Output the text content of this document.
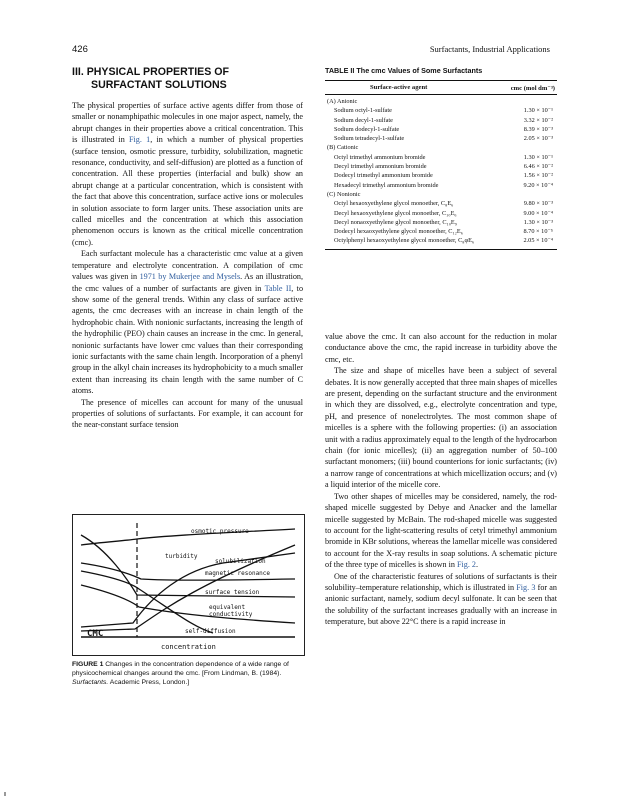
426	Surfactants, Industrial Applications
III. PHYSICAL PROPERTIES OF
SURFACTANT SOLUTIONS

The physical properties of surface active agents differ from those of smaller or nonamphipathic molecules in one major aspect, namely, the abrupt changes in their properties above a critical concentration. This is illustrated in Fig. 1, in which a number of physical properties (surface tension, osmotic pressure, turbidity, solubilization, magnetic resonance, conductivity, and self-diffusion) are plotted as a function of concentration. All these properties (interfacial and bulk) show an abrupt change at a particular concentration, which is consistent with the fact that above this concentration, surface active ions or molecules in solution associate to form larger units. These association units are called micelles and the concentration at which this association phenomenon occurs is known as the critical micelle concentration (cmc).

Each surfactant molecule has a characteristic cmc value at a given temperature and electrolyte concentration. A compilation of cmc values was given in 1971 by Mukerjee and Mysels. As an illustration, the cmc values of a number of surfactants are given in Table II, to show some of the general trends. Within any class of surface active agents, the cmc decreases with an increase in chain length of the hydrophobic chain. With nonionic surfactants, increasing the length of the hydrophilic (PEO) chain causes an increase in the cmc. In general, nonionic surfactants have lower cmc values than their corresponding ionic surfactants with the same chain length. Incorporation of a phenyl group in the alkyl chain increases its hydrophobicity to a much smaller extent than increasing its chain length with the same number of C atoms.

The presence of micelles can account for many of the unusual properties of solutions of surfactants. For example, it can account for the near-constant surface tension

TABLE II The cmc Values of Some Surfactants
Surface-active agent	cmc (mol dm⁻³)
(A) Anionic
Sodium octyl-1-sulfate	1.30 × 10⁻¹
Sodium decyl-1-sulfate	3.32 × 10⁻²
Sodium dodecyl-1-sulfate	8.39 × 10⁻³
Sodium tetradecyl-1-sulfate	2.05 × 10⁻³
(B) Cationic
Octyl trimethyl ammonium bromide	1.30 × 10⁻¹
Decyl trimethyl ammonium bromide	6.46 × 10⁻²
Dodecyl trimethyl ammonium bromide	1.56 × 10⁻²
Hexadecyl trimethyl ammonium bromide	9.20 × 10⁻⁴
(C) Nonionic
Octyl hexaoxyethylene glycol monoether, C₈E₆	9.80 × 10⁻³
Decyl hexaoxyethylene glycol monoether, C₁₀E₆	9.00 × 10⁻⁴
Decyl nonaoxyethylene glycol monoether, C₁₀E₉	1.30 × 10⁻³
Dodecyl hexaoxyethylene glycol monoether, C₁₂E₆	8.70 × 10⁻⁵
Octylphenyl hexaoxyethylene glycol monoether, C₈φE₆	2.05 × 10⁻⁴

value above the cmc. It can also account for the reduction in molar conductance above the cmc, the rapid increase in turbidity above the cmc, etc.

The size and shape of micelles have been a subject of several debates. It is now generally accepted that three main shapes of micelles are present, depending on the surfactant structure and the environment in which they are dissolved, e.g., electrolyte concentration and type, pH, and presence of nonelectrolytes. The most common shape of micelles is a sphere with the following properties: (i) an association unit with a radius approximately equal to the length of the hydrocarbon chain (for ionic micelles); (ii) an aggregation number of 50–100 surfactant monomers; (iii) bound counterions for ionic surfactants; (iv) a narrow range of concentrations at which micellization occurs; and (v) a liquid interior of the micelle core.

Two other shapes of micelles may be considered, namely, the rod-shaped micelle suggested by Debye and Anacker and the lamellar micelle suggested by McBain. The rod-shaped micelle was suggested to account for the light-scattering results of cetyl trimethyl ammonium bromide in KBr solutions, whereas the lamellar micelle was considered to account for the X-ray results in soap solutions. A schematic picture of the three type of micelles is shown in Fig. 2.

One of the characteristic features of solutions of surfactants is their solubility–temperature relationship, which is illustrated in Fig. 3 for an anionic surfactant, namely, sodium decyl sulfonate. It can be seen that the solubility of the surfactant increases gradually with an increase in temperature, but above 22°C there is a rapid increase in

osmotic pressure
turbidity
solubilization
magnetic resonance
surface tension
equivalent
conductivity
self-diffusion
CMC
concentration
FIGURE 1 Changes in the concentration dependence of a wide range of physicochemical changes around the cmc. [From Lindman, B. (1984). Surfactants. Academic Press, London.]
